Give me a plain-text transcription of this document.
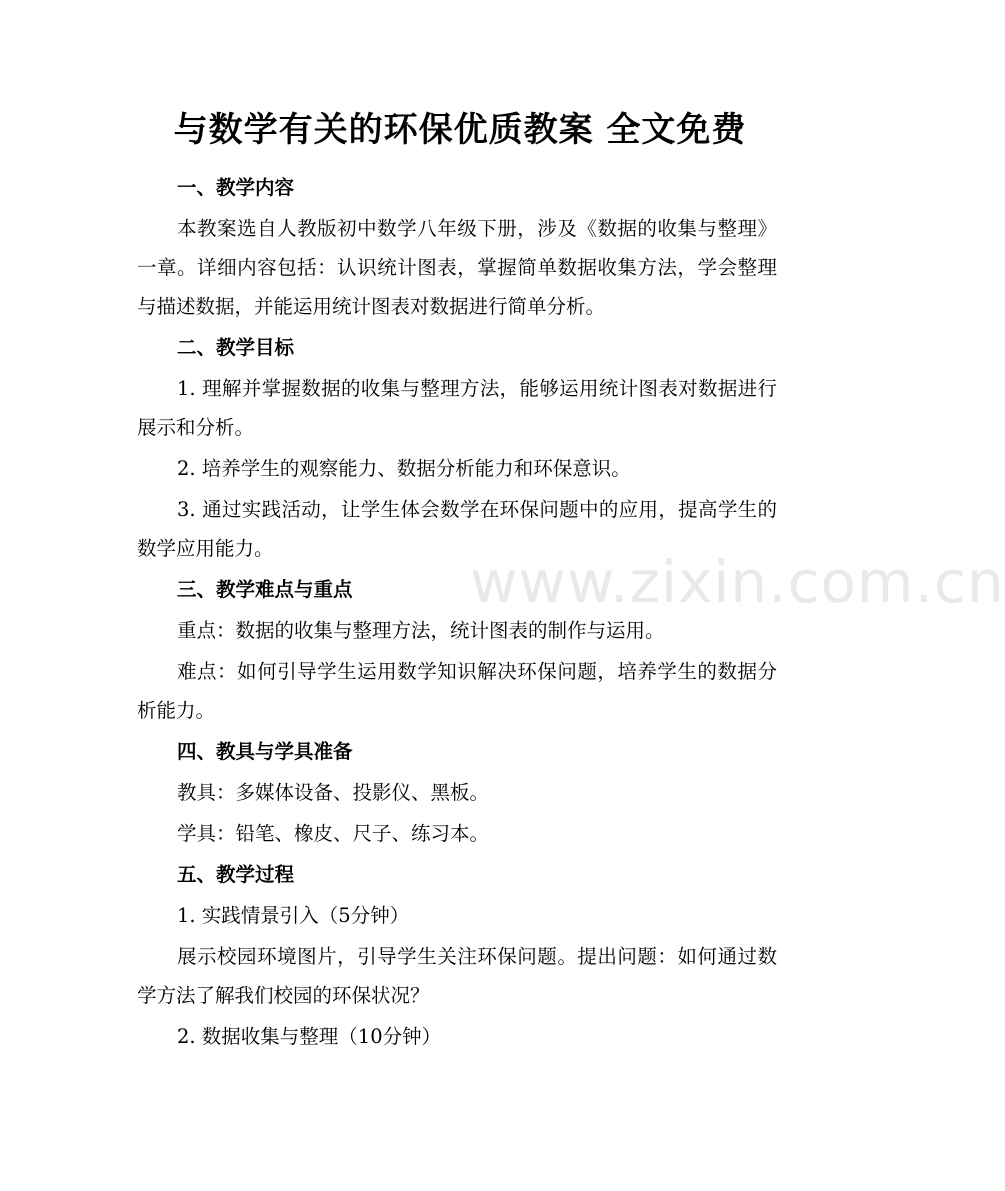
www.zixin.com.cn
与数学有关的环保优质教案 全文免费

一、教学内容

本教案选自人教版初中数学八年级下册，涉及《数据的收集与整理》一章。详细内容包括：认识统计图表，掌握简单数据收集方法，学会整理与描述数据，并能运用统计图表对数据进行简单分析。

二、教学目标

1. 理解并掌握数据的收集与整理方法，能够运用统计图表对数据进行展示和分析。

2. 培养学生的观察能力、数据分析能力和环保意识。

3. 通过实践活动，让学生体会数学在环保问题中的应用，提高学生的数学应用能力。

三、教学难点与重点

重点：数据的收集与整理方法，统计图表的制作与运用。

难点：如何引导学生运用数学知识解决环保问题，培养学生的数据分析能力。

四、教具与学具准备

教具：多媒体设备、投影仪、黑板。

学具：铅笔、橡皮、尺子、练习本。

五、教学过程

1. 实践情景引入（5分钟）

展示校园环境图片，引导学生关注环保问题。提出问题：如何通过数学方法了解我们校园的环保状况？

2. 数据收集与整理（10分钟）
